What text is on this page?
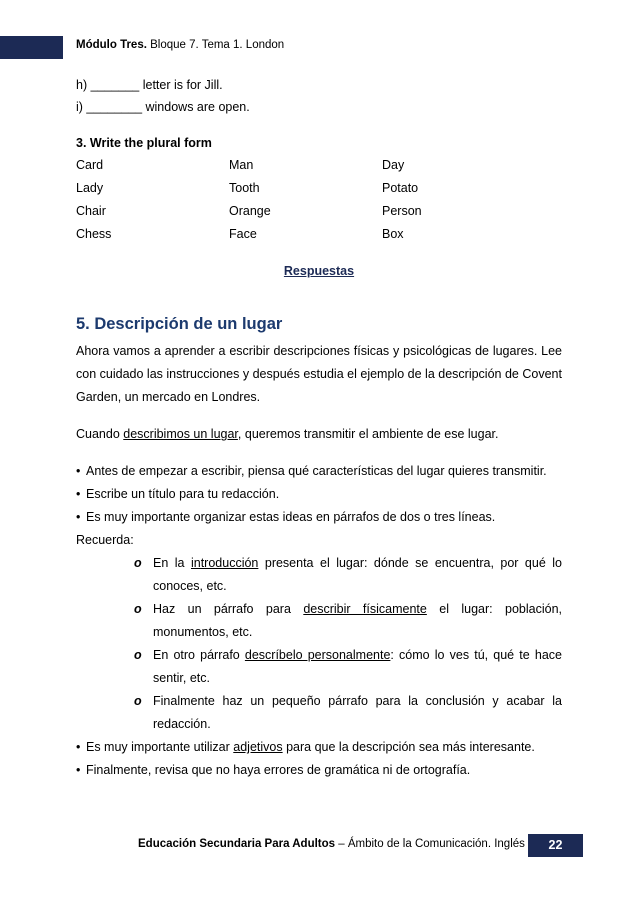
Módulo Tres. Bloque 7. Tema 1. London
h) _______ letter is for Jill.
i) ________ windows are open.
3. Write the plural form
Card	Man	Day
Lady	Tooth	Potato
Chair	Orange	Person
Chess	Face	Box
Respuestas
5. Descripción de un lugar
Ahora vamos a aprender a escribir descripciones físicas y psicológicas de lugares. Lee con cuidado las instrucciones y después estudia el ejemplo de la descripción de Covent Garden, un mercado en Londres.
Cuando describimos un lugar, queremos transmitir el ambiente de ese lugar.
• Antes de empezar a escribir, piensa qué características del lugar quieres transmitir.
• Escribe un título para tu redacción.
• Es muy importante organizar estas ideas en párrafos de dos o tres líneas.
Recuerda:
o En la introducción presenta el lugar: dónde se encuentra, por qué lo conoces, etc.
o Haz un párrafo para describir físicamente el lugar: población, monumentos, etc.
o En otro párrafo descríbelo personalmente: cómo lo ves tú, qué te hace sentir, etc.
o Finalmente haz un pequeño párrafo para la conclusión y acabar la redacción.
• Es muy importante utilizar adjetivos para que la descripción sea más interesante.
• Finalmente, revisa que no haya errores de gramática ni de ortografía.
Educación Secundaria Para Adultos – Ámbito de la Comunicación. Inglés	22
